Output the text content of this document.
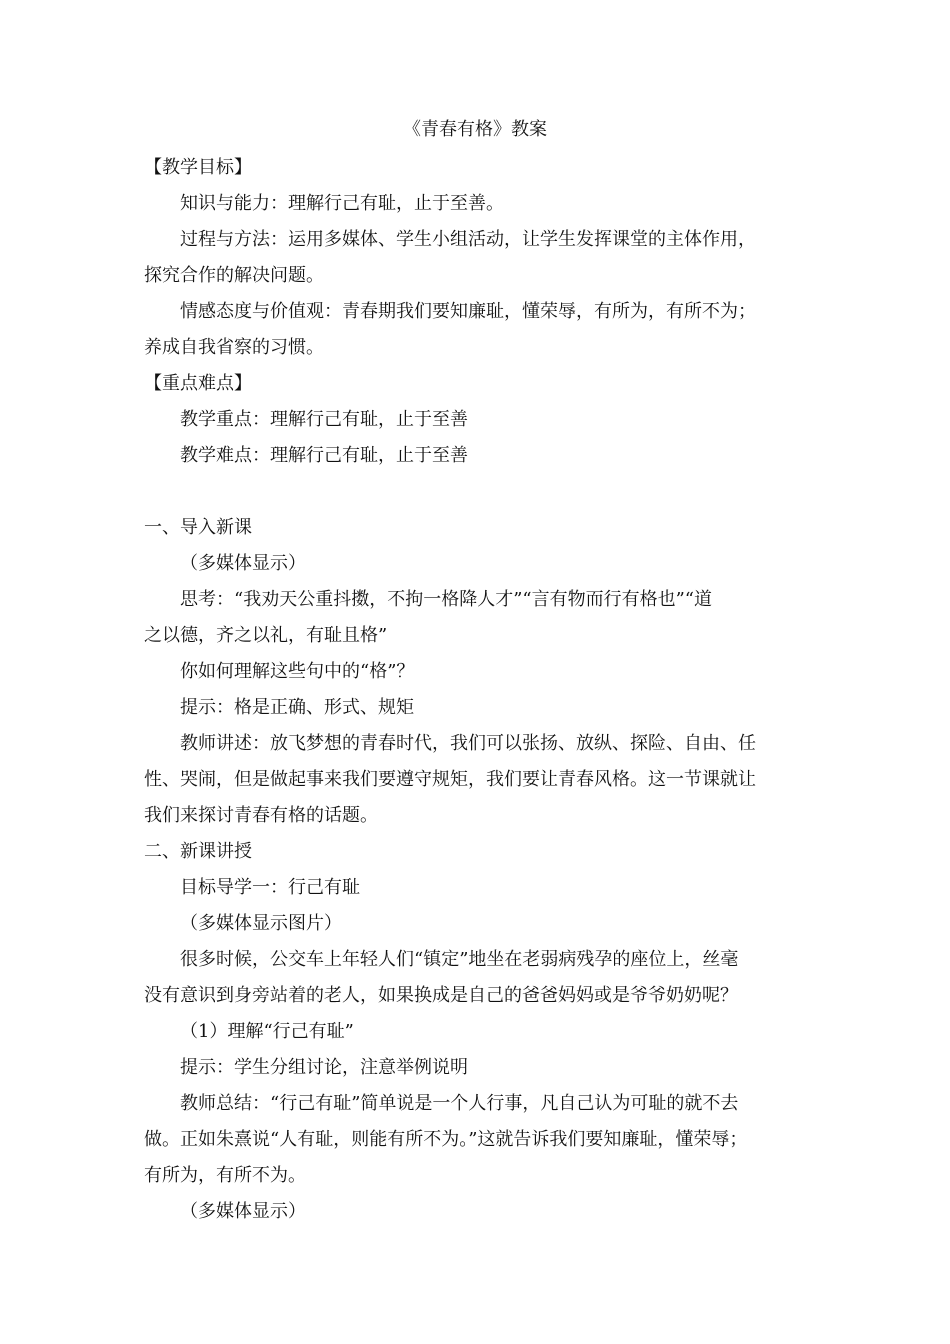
《青春有格》教案
【教学目标】
知识与能力：理解行己有耻，止于至善。
过程与方法：运用多媒体、学生小组活动，让学生发挥课堂的主体作用，
探究合作的解决问题。
情感态度与价值观：青春期我们要知廉耻，懂荣辱，有所为，有所不为；
养成自我省察的习惯。
【重点难点】
教学重点：理解行己有耻，止于至善
教学难点：理解行己有耻，止于至善
一、导入新课
（多媒体显示）
思考：“我劝天公重抖擞，不拘一格降人才”“言有物而行有格也”“道
之以德，齐之以礼，有耻且格”
你如何理解这些句中的“格”？
提示：格是正确、形式、规矩
教师讲述：放飞梦想的青春时代，我们可以张扬、放纵、探险、自由、任
性、哭闹，但是做起事来我们要遵守规矩，我们要让青春风格。这一节课就让
我们来探讨青春有格的话题。
二、新课讲授
目标导学一：行己有耻
（多媒体显示图片）
很多时候，公交车上年轻人们“镇定”地坐在老弱病残孕的座位上，丝毫
没有意识到身旁站着的老人，如果换成是自己的爸爸妈妈或是爷爷奶奶呢？
（1）理解“行己有耻”
提示：学生分组讨论，注意举例说明
教师总结：“行己有耻”简单说是一个人行事，凡自己认为可耻的就不去
做。正如朱熹说“人有耻，则能有所不为。”这就告诉我们要知廉耻，懂荣辱；
有所为，有所不为。
（多媒体显示）
